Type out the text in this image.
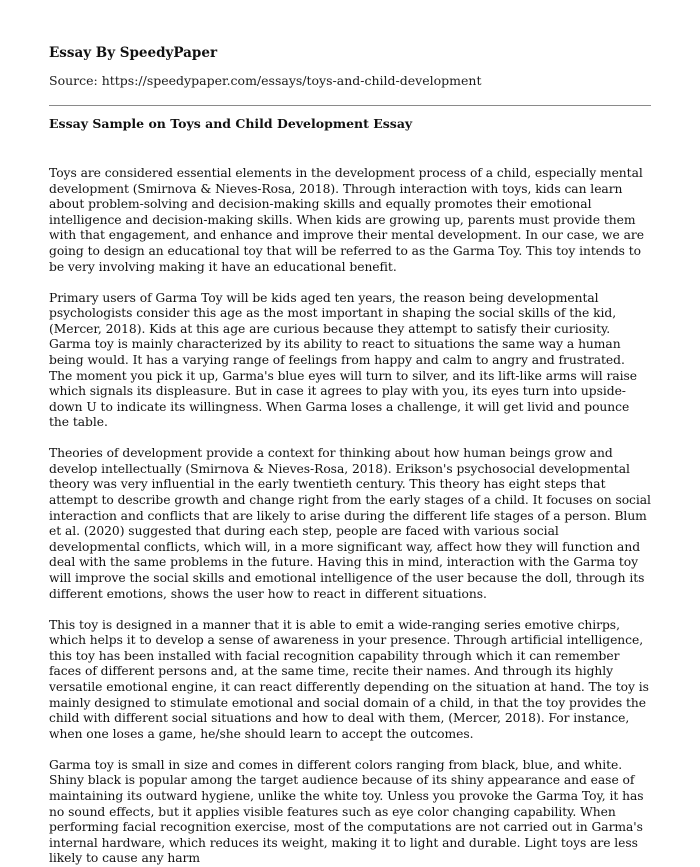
Essay By SpeedyPaper
Source: https://speedypaper.com/essays/toys-and-child-development
Essay Sample on Toys and Child Development Essay

Toys are considered essential elements in the development process of a child, especially mental development (Smirnova & Nieves-Rosa, 2018). Through interaction with toys, kids can learn about problem-solving and decision-making skills and equally promotes their emotional intelligence and decision-making skills. When kids are growing up, parents must provide them with that engagement, and enhance and improve their mental development. In our case, we are going to design an educational toy that will be referred to as the Garma Toy. This toy intends to be very involving making it have an educational benefit.

Primary users of Garma Toy will be kids aged ten years, the reason being developmental psychologists consider this age as the most important in shaping the social skills of the kid, (Mercer, 2018). Kids at this age are curious because they attempt to satisfy their curiosity. Garma toy is mainly characterized by its ability to react to situations the same way a human being would. It has a varying range of feelings from happy and calm to angry and frustrated. The moment you pick it up, Garma's blue eyes will turn to silver, and its lift-like arms will raise which signals its displeasure. But in case it agrees to play with you, its eyes turn into upside-down U to indicate its willingness. When Garma loses a challenge, it will get livid and pounce the table.

Theories of development provide a context for thinking about how human beings grow and develop intellectually (Smirnova & Nieves-Rosa, 2018). Erikson's psychosocial developmental theory was very influential in the early twentieth century. This theory has eight steps that attempt to describe growth and change right from the early stages of a child. It focuses on social interaction and conflicts that are likely to arise during the different life stages of a person. Blum et al. (2020) suggested that during each step, people are faced with various social developmental conflicts, which will, in a more significant way, affect how they will function and deal with the same problems in the future. Having this in mind, interaction with the Garma toy will improve the social skills and emotional intelligence of the user because the doll, through its different emotions, shows the user how to react in different situations.

This toy is designed in a manner that it is able to emit a wide-ranging series emotive chirps, which helps it to develop a sense of awareness in your presence. Through artificial intelligence, this toy has been installed with facial recognition capability through which it can remember faces of different persons and, at the same time, recite their names. And through its highly versatile emotional engine, it can react differently depending on the situation at hand. The toy is mainly designed to stimulate emotional and social domain of a child, in that the toy provides the child with different social situations and how to deal with them, (Mercer, 2018). For instance, when one loses a game, he/she should learn to accept the outcomes.

Garma toy is small in size and comes in different colors ranging from black, blue, and white. Shiny black is popular among the target audience because of its shiny appearance and ease of maintaining its outward hygiene, unlike the white toy. Unless you provoke the Garma Toy, it has no sound effects, but it applies visible features such as eye color changing capability. When performing facial recognition exercise, most of the computations are not carried out in Garma's internal hardware, which reduces its weight, making it to light and durable. Light toys are less likely to cause any harm
